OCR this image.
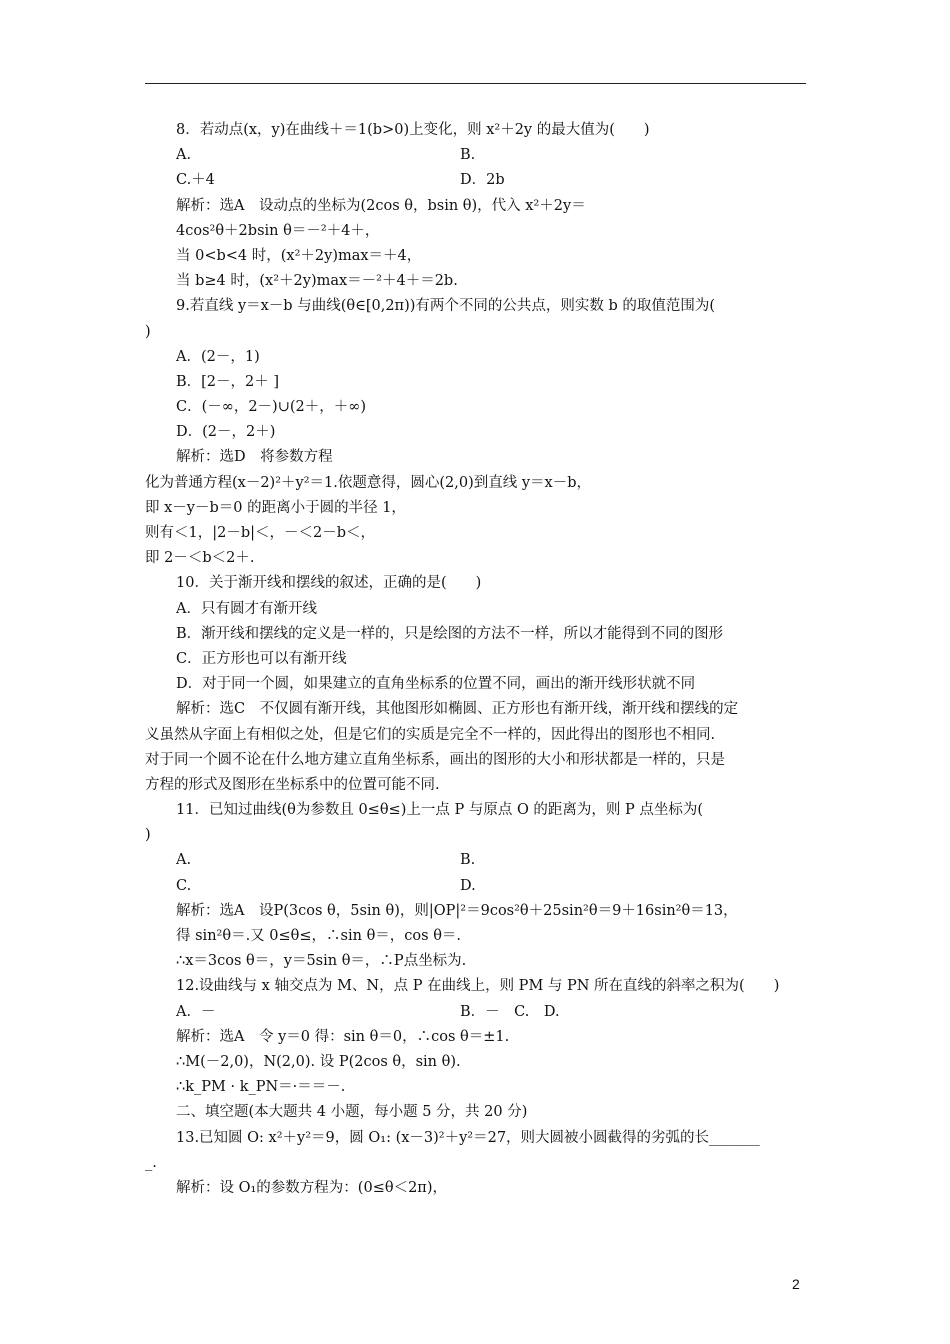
8．若动点(x，y)在曲线＋＝1(b>0)上变化，则 x²＋2y 的最大值为(　　)
A.	B.
C.＋4	D．2b
解析：选A　设动点的坐标为(2cos θ，bsin θ)，代入 x²＋2y＝
4cos²θ＋2bsin θ＝－²＋4＋，
当 0<b<4 时，(x²＋2y)max＝＋4，
当 b≥4 时，(x²＋2y)max＝－²＋4＋＝2b.
9.若直线 y＝x－b 与曲线(θ∈[0,2π))有两个不同的公共点，则实数 b 的取值范围为(
)
A．(2－，1)
B．[2－，2＋ ]
C．(－∞，2－)∪(2＋，＋∞)
D．(2－，2＋)
解析：选D　将参数方程
化为普通方程(x－2)²＋y²＝1.依题意得，圆心(2,0)到直线 y＝x－b，
即 x－y－b＝0 的距离小于圆的半径 1，
则有＜1，|2－b|＜，－＜2－b＜，
即 2－＜b＜2＋.
10．关于渐开线和摆线的叙述，正确的是(　　)
A．只有圆才有渐开线
B．渐开线和摆线的定义是一样的，只是绘图的方法不一样，所以才能得到不同的图形
C．正方形也可以有渐开线
D．对于同一个圆，如果建立的直角坐标系的位置不同，画出的渐开线形状就不同
解析：选C　不仅圆有渐开线，其他图形如椭圆、正方形也有渐开线，渐开线和摆线的定
义虽然从字面上有相似之处，但是它们的实质是完全不一样的，因此得出的图形也不相同.
对于同一个圆不论在什么地方建立直角坐标系，画出的图形的大小和形状都是一样的，只是
方程的形式及图形在坐标系中的位置可能不同.
11．已知过曲线(θ为参数且 0≤θ≤)上一点 P 与原点 O 的距离为，则 P 点坐标为(
)
A.	B.
C.	D.
解析：选A　设P(3cos θ，5sin θ)，则|OP|²＝9cos²θ＋25sin²θ＝9＋16sin²θ＝13，
得 sin²θ＝.又 0≤θ≤，∴sin θ＝，cos θ＝.
∴x＝3cos θ＝，y＝5sin θ＝，∴P点坐标为.
12.设曲线与 x 轴交点为 M、N，点 P 在曲线上，则 PM 与 PN 所在直线的斜率之积为(　　)
A．－	B．－　C.　D.
解析：选A　令 y＝0 得：sin θ＝0，∴cos θ＝±1.
∴M(－2,0)，N(2,0). 设 P(2cos θ，sin θ).
∴k_PM · k_PN＝·＝＝－.
二、填空题(本大题共 4 小题，每小题 5 分，共 20 分)
13.已知圆 O: x²＋y²＝9，圆 O₁: (x－3)²＋y²＝27，则大圆被小圆截得的劣弧的长_______
_.
解析：设 O₁的参数方程为：(0≤θ＜2π)，
2
